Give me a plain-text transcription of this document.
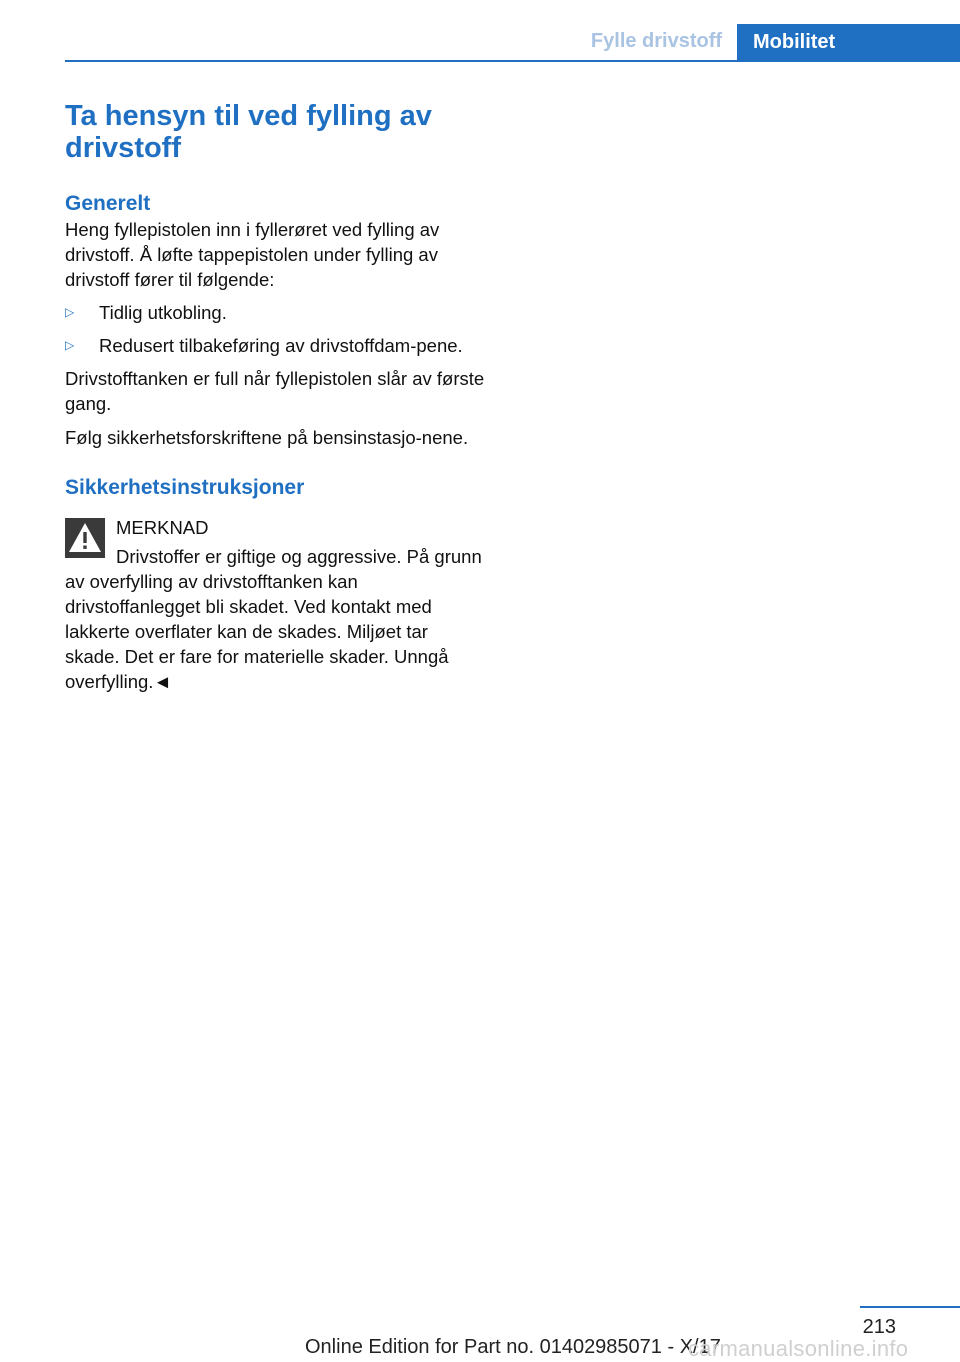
Fylle drivstoff	Mobilitet
Ta hensyn til ved fylling av drivstoff
Generelt

Heng fyllepistolen inn i fyllerøret ved fylling av drivstoff. Å løfte tappepistolen under fylling av drivstoff fører til følgende:

▷ Tidlig utkobling.
▷ Redusert tilbakeføring av drivstoffdam-pene.

Drivstofftanken er full når fyllepistolen slår av første gang.

Følg sikkerhetsforskriftene på bensinstasjo-nene.

Sikkerhetsinstruksjoner
MERKNAD
Drivstoffer er giftige og aggressive. På grunn av overfylling av drivstofftanken kan drivstoffanlegget bli skadet. Ved kontakt med lakkerte overflater kan de skades. Miljøet tar skade. Det er fare for materielle skader. Unngå overfylling.◄
213
Online Edition for Part no. 01402985071 - X/17
carmanualsonline.info
